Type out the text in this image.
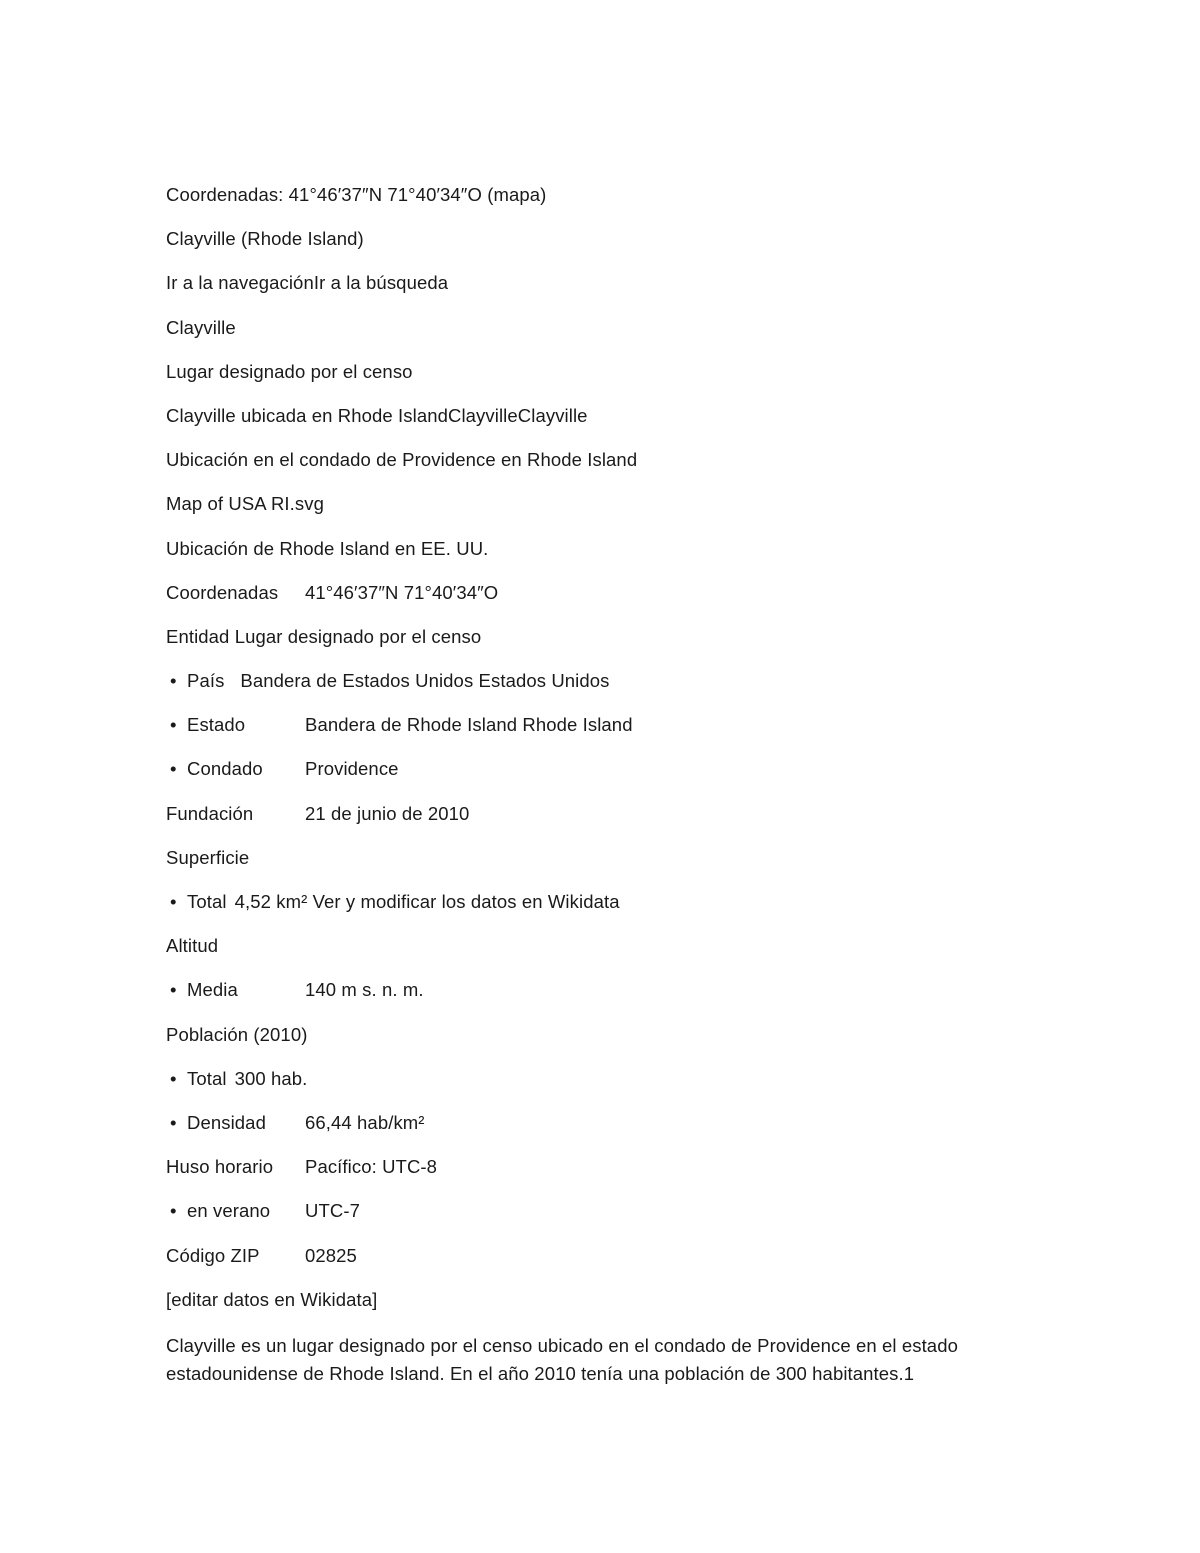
Coordenadas: 41°46′37″N 71°40′34″O (mapa)
Clayville (Rhode Island)
Ir a la navegaciónIr a la búsqueda
Clayville
Lugar designado por el censo
Clayville ubicada en Rhode IslandClayvilleClayville
Ubicación en el condado de Providence en Rhode Island
Map of USA RI.svg
Ubicación de Rhode Island en EE. UU.
Coordenadas 41°46′37″N 71°40′34″O
Entidad Lugar designado por el censo
• País Bandera de Estados Unidos Estados Unidos
• Estado	Bandera de Rhode Island Rhode Island
• Condado Providence
Fundación	21 de junio de 2010
Superficie
• Total 4,52 km² Ver y modificar los datos en Wikidata
Altitud
• Media	140 m s. n. m.
Población (2010)
• Total 300 hab.
• Densidad 66,44 hab/km²
Huso horario Pacífico: UTC-8
• en verano UTC-7
Código ZIP 02825
[editar datos en Wikidata]

Clayville es un lugar designado por el censo ubicado en el condado de Providence en el estado estadounidense de Rhode Island. En el año 2010 tenía una población de 300 habitantes.1
